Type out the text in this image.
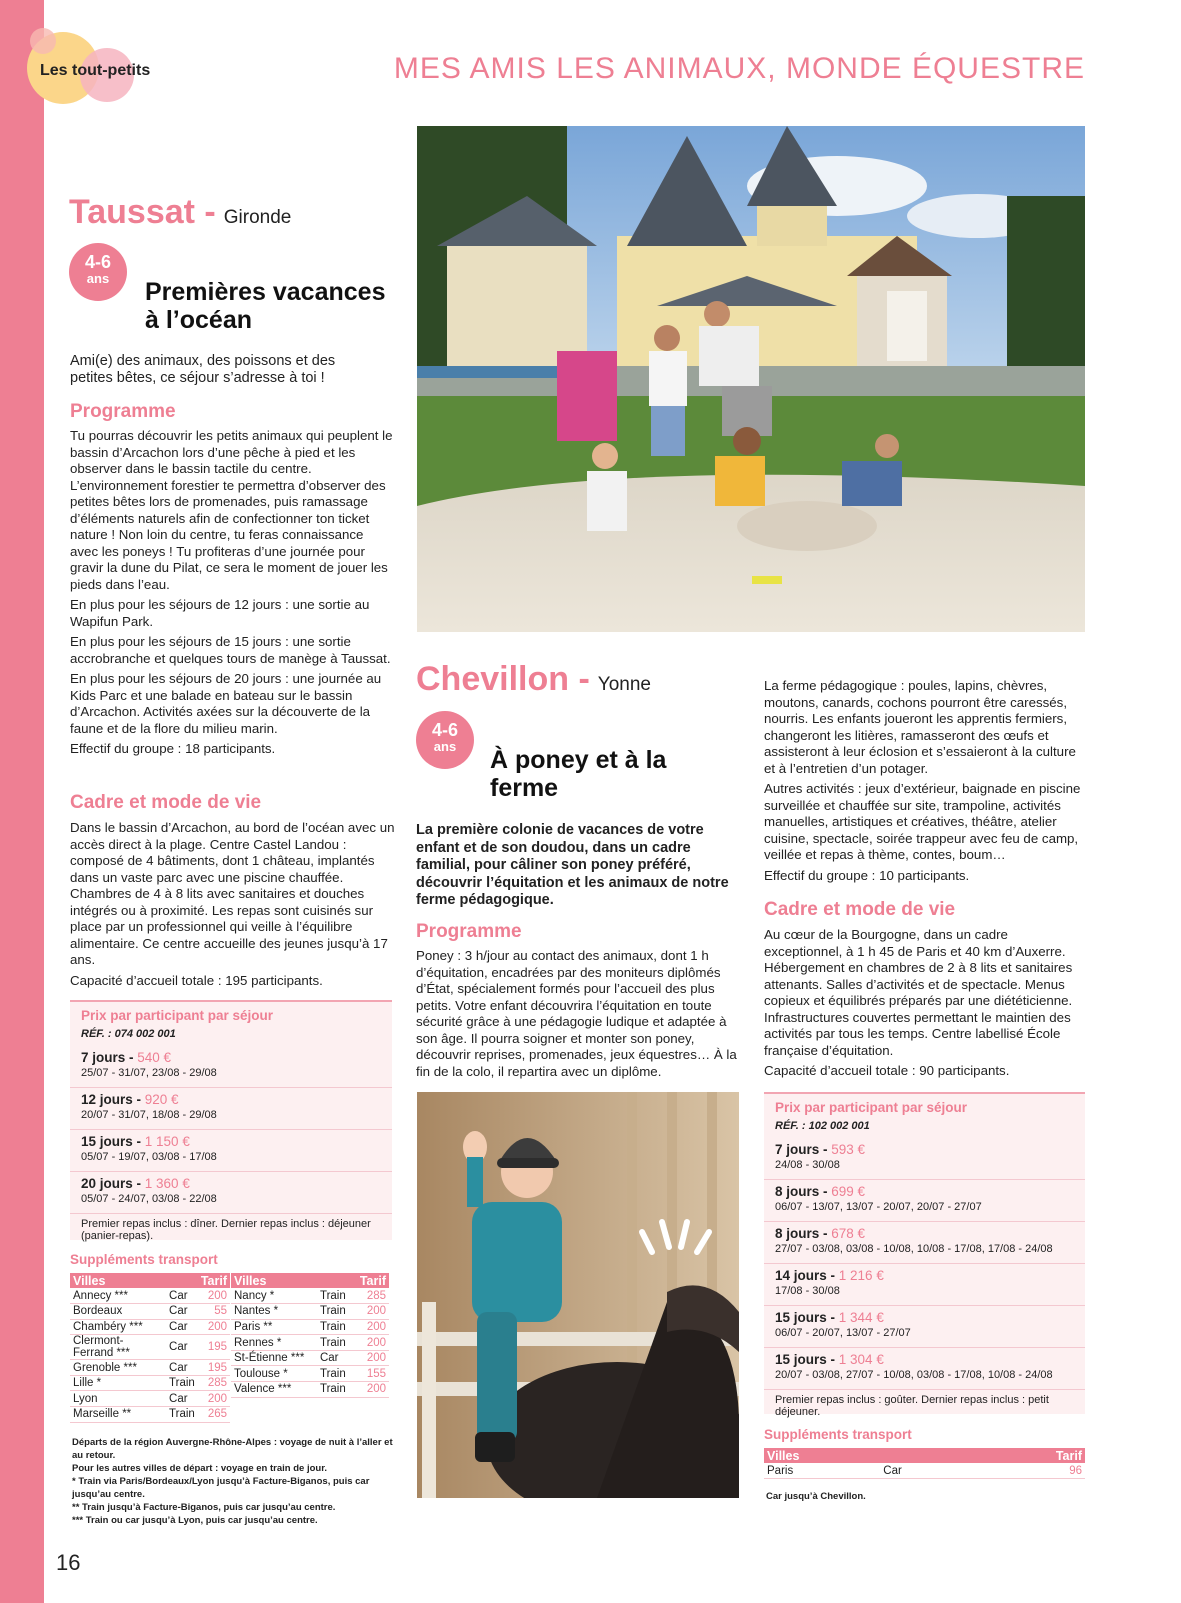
Les tout-petits	MES AMIS LES ANIMAUX, MONDE ÉQUESTRE
Taussat - Gironde
4-6
ans	Premières vacances à l’océan
Ami(e) des animaux, des poissons et des petites bêtes, ce séjour s’adresse à toi !
Programme

Tu pourras découvrir les petits animaux qui peuplent le bassin d’Arcachon lors d’une pêche à pied et les observer dans le bassin tactile du centre. L’environnement forestier te permettra d’observer des petites bêtes lors de promenades, puis ramassage d’éléments naturels afin de confectionner ton ticket nature ! Non loin du centre, tu feras connaissance avec les poneys ! Tu profiteras d’une journée pour gravir la dune du Pilat, ce sera le moment de jouer les pieds dans l’eau.

En plus pour les séjours de 12 jours : une sortie au Wapifun Park.

En plus pour les séjours de 15 jours : une sortie accrobranche et quelques tours de manège à Taussat.

En plus pour les séjours de 20 jours : une journée au Kids Parc et une balade en bateau sur le bassin d’Arcachon. Activités axées sur la découverte de la faune et de la flore du milieu marin.

Effectif du groupe : 18 participants.

Cadre et mode de vie

Dans le bassin d’Arcachon, au bord de l’océan avec un accès direct à la plage. Centre Castel Landou : composé de 4 bâtiments, dont 1 château, implantés dans un vaste parc avec une piscine chauffée. Chambres de 4 à 8 lits avec sanitaires et douches intégrés ou à proximité. Les repas sont cuisinés sur place par un professionnel qui veille à l’équilibre alimentaire. Ce centre accueille des jeunes jusqu’à 17 ans.

Capacité d’accueil totale : 195 participants.

Prix par participant par séjour
RÉF. : 074 002 001
7 jours - 540 €
25/07 - 31/07, 23/08 - 29/08
12 jours - 920 €
20/07 - 31/07, 18/08 - 29/08
15 jours - 1 150 €
05/07 - 19/07, 03/08 - 17/08
20 jours - 1 360 €
05/07 - 24/07, 03/08 - 22/08
Premier repas inclus : dîner. Dernier repas inclus : déjeuner (panier-repas).
Suppléments transport
Villes		Tarif
Annecy ***	Car	200
Bordeaux	Car	55
Chambéry ***	Car	200
Clermont-Ferrand ***	Car	195
Grenoble ***	Car	195
Lille *	Train	285
Lyon	Car	200
Marseille **	Train	265
Villes		Tarif
Nancy *	Train	285
Nantes *	Train	200
Paris **	Train	200
Rennes *	Train	200
St-Étienne ***	Car	200
Toulouse *	Train	155
Valence ***	Train	200
Départs de la région Auvergne-Rhône-Alpes : voyage de nuit à l’aller et au retour.
Pour les autres villes de départ : voyage en train de jour.
* Train via Paris/Bordeaux/Lyon jusqu’à Facture-Biganos, puis car jusqu’au centre.
** Train jusqu’à Facture-Biganos, puis car jusqu’au centre.
*** Train ou car jusqu’à Lyon, puis car jusqu’au centre.
Chevillon - Yonne
4-6
ans	À poney et à la ferme
La première colonie de vacances de votre enfant et de son doudou, dans un cadre familial, pour câliner son poney préféré, découvrir l’équitation et les animaux de notre ferme pédagogique.
Programme
Poney : 3 h/jour au contact des animaux, dont 1 h d’équitation, encadrées par des moniteurs diplômés d’État, spécialement formés pour l’accueil des plus petits. Votre enfant découvrira l’équitation en toute sécurité grâce à une pédagogie ludique et adaptée à son âge. Il pourra soigner et monter son poney, découvrir reprises, promenades, jeux équestres… À la fin de la colo, il repartira avec un diplôme.

La ferme pédagogique : poules, lapins, chèvres, moutons, canards, cochons pourront être caressés, nourris. Les enfants joueront les apprentis fermiers, changeront les litières, ramasseront des œufs et assisteront à leur éclosion et s’essaieront à la culture et à l’entretien d’un potager.

Autres activités : jeux d’extérieur, baignade en piscine surveillée et chauffée sur site, trampoline, activités manuelles, artistiques et créatives, théâtre, atelier cuisine, spectacle, soirée trappeur avec feu de camp, veillée et repas à thème, contes, boum…

Effectif du groupe : 10 participants.

Cadre et mode de vie

Au cœur de la Bourgogne, dans un cadre exceptionnel, à 1 h 45 de Paris et 40 km d’Auxerre. Hébergement en chambres de 2 à 8 lits et sanitaires attenants. Salles d’activités et de spectacle. Menus copieux et équilibrés préparés par une diététicienne. Infrastructures couvertes permettant le maintien des activités par tous les temps. Centre labellisé École française d’équitation.

Capacité d’accueil totale : 90 participants.

Prix par participant par séjour
RÉF. : 102 002 001
7 jours - 593 €
24/08 - 30/08
8 jours - 699 €
06/07 - 13/07, 13/07 - 20/07, 20/07 - 27/07
8 jours - 678 €
27/07 - 03/08, 03/08 - 10/08, 10/08 - 17/08, 17/08 - 24/08
14 jours - 1 216 €
17/08 - 30/08
15 jours - 1 344 €
06/07 - 20/07, 13/07 - 27/07
15 jours - 1 304 €
20/07 - 03/08, 27/07 - 10/08, 03/08 - 17/08, 10/08 - 24/08
Premier repas inclus : goûter. Dernier repas inclus : petit déjeuner.
Suppléments transport
Villes		Tarif
Paris	Car	96
Car jusqu’à Chevillon.
16
